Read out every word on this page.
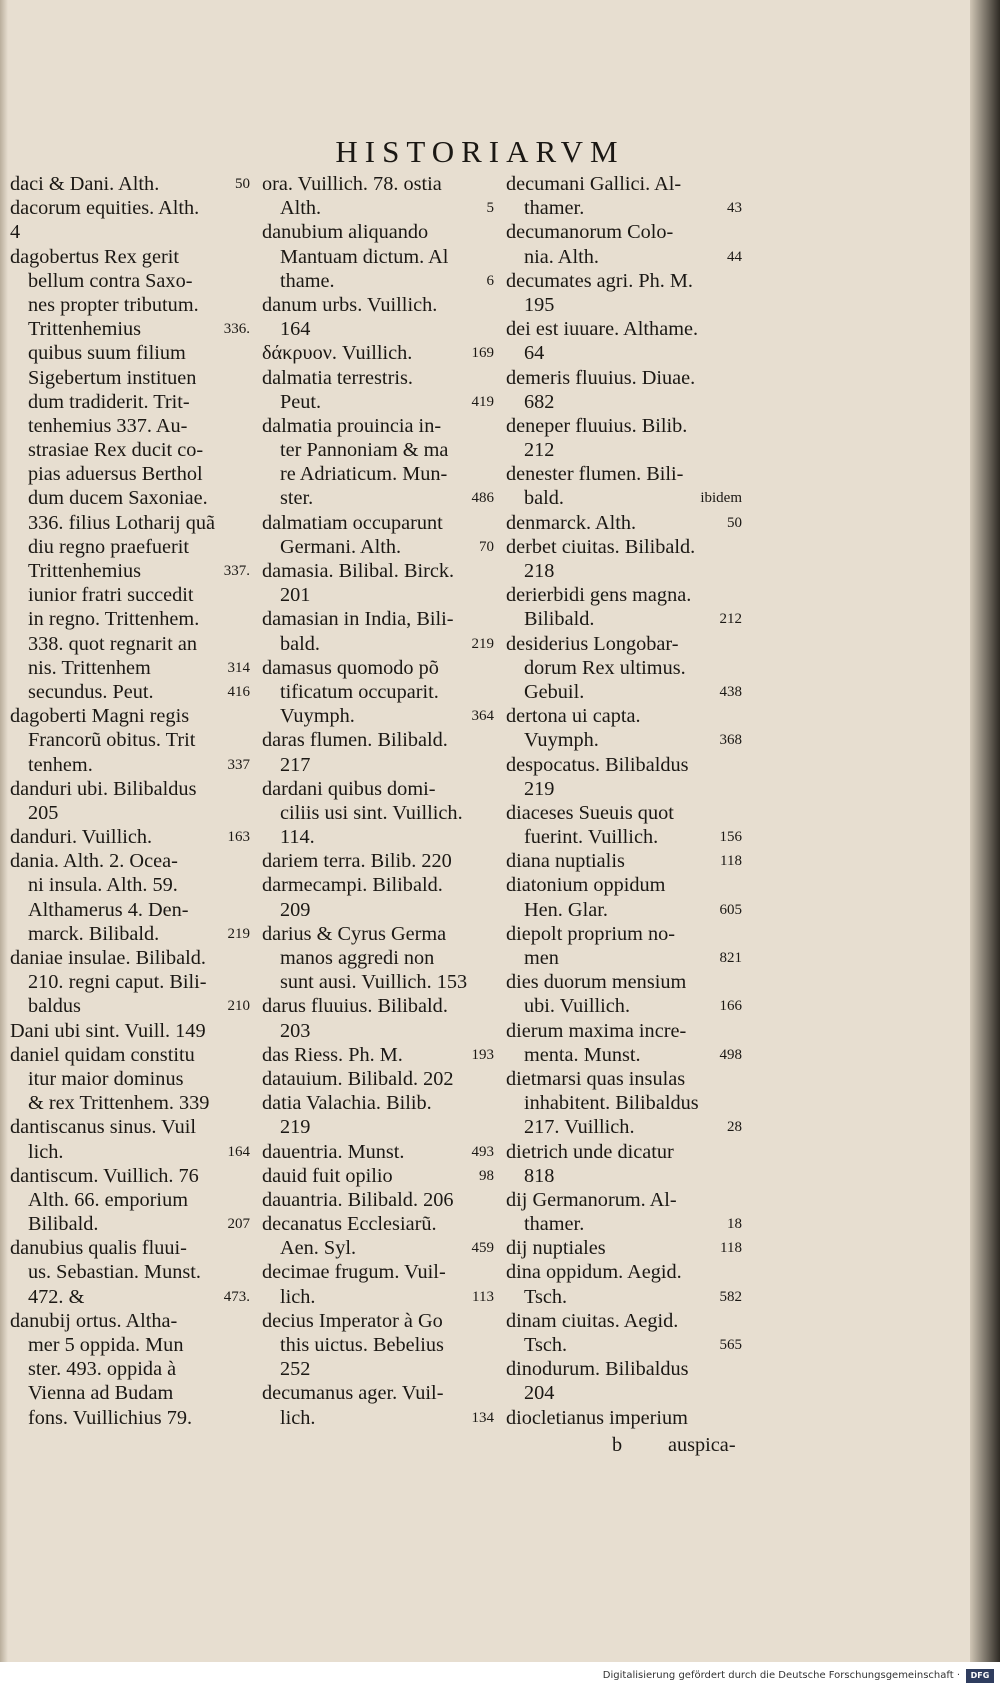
HISTORIARVM
50
daci & Dani. Alth.
dacorum equities. Alth.
4
dagobertus Rex gerit
bellum contra Saxo-
nes propter tributum.
336.
Trittenhemius
quibus suum filium
Sigebertum instituen
dum tradiderit. Trit-
tenhemius 337. Au-
strasiae Rex ducit co-
pias aduersus Berthol
dum ducem Saxoniae.
336. filius Lotharij quã
diu regno praefuerit
337.
Trittenhemius
iunior fratri succedit
in regno. Trittenhem.
338. quot regnarit an
314
nis. Trittenhem
416
secundus. Peut.
dagoberti Magni regis
Francorũ obitus. Trit
337
tenhem.
danduri ubi. Bilibaldus
205
163
danduri. Vuillich.
dania. Alth. 2. Ocea-
ni insula. Alth. 59.
Althamerus 4. Den-
219
marck. Bilibald.
daniae insulae. Bilibald.
210. regni caput. Bili-
210
baldus
Dani ubi sint. Vuill. 149
daniel quidam constitu
itur maior dominus
& rex Trittenhem. 339
dantiscanus sinus. Vuil
164
lich.
dantiscum. Vuillich. 76
Alth. 66. emporium
207
Bilibald.
danubius qualis fluui-
us. Sebastian. Munst.
473.
472. &
danubij ortus. Altha-
mer 5 oppida. Mun
ster. 493. oppida à
Vienna ad Budam
fons. Vuillichius 79.
ora. Vuillich. 78. ostia
5
Alth.
danubium aliquando
Mantuam dictum. Al
6
thame.
danum urbs. Vuillich.
164
169
δάκρυον. Vuillich.
dalmatia terrestris.
419
Peut.
dalmatia prouincia in-
ter Pannoniam & ma
re Adriaticum. Mun-
486
ster.
dalmatiam occuparunt
70
Germani. Alth.
damasia. Bilibal. Birck.
201
damasian in India, Bili-
219
bald.
damasus quomodo põ
tificatum occuparit.
364
Vuymph.
daras flumen. Bilibald.
217
dardani quibus domi-
ciliis usi sint. Vuillich.
114.
dariem terra. Bilib. 220
darmecampi. Bilibald.
209
darius & Cyrus Germa
manos aggredi non
sunt ausi. Vuillich. 153
darus fluuius. Bilibald.
203
193
das Riess. Ph. M.
datauium. Bilibald. 202
datia Valachia. Bilib.
219
493
dauentria. Munst.
98
dauid fuit opilio
dauantria. Bilibald. 206
decanatus Ecclesiarũ.
459
Aen. Syl.
decimae frugum. Vuil-
113
lich.
decius Imperator à Go
this uictus. Bebelius
252
decumanus ager. Vuil-
134
lich.
decumani Gallici. Al-
43
thamer.
decumanorum Colo-
44
nia. Alth.
decumates agri. Ph. M.
195
dei est iuuare. Althame.
64
demeris fluuius. Diuae.
682
deneper fluuius. Bilib.
212
denester flumen. Bili-
ibidem
bald.
50
denmarck. Alth.
derbet ciuitas. Bilibald.
218
derierbidi gens magna.
212
Bilibald.
desiderius Longobar-
dorum Rex ultimus.
438
Gebuil.
dertona ui capta.
368
Vuymph.
despocatus. Bilibaldus
219
diaceses Sueuis quot
156
fuerint. Vuillich.
118
diana nuptialis
diatonium oppidum
605
Hen. Glar.
diepolt proprium no-
821
men
dies duorum mensium
166
ubi. Vuillich.
dierum maxima incre-
498
menta. Munst.
dietmarsi quas insulas
inhabitent. Bilibaldus
28
217. Vuillich.
dietrich unde dicatur
818
dij Germanorum. Al-
18
thamer.
118
dij nuptiales
dina oppidum. Aegid.
582
Tsch.
dinam ciuitas. Aegid.
565
Tsch.
dinodurum. Bilibaldus
204
diocletianus imperium
b auspica-
Digitalisierung gefördert durch die Deutsche Forschungsgemeinschaft ·	DFG
